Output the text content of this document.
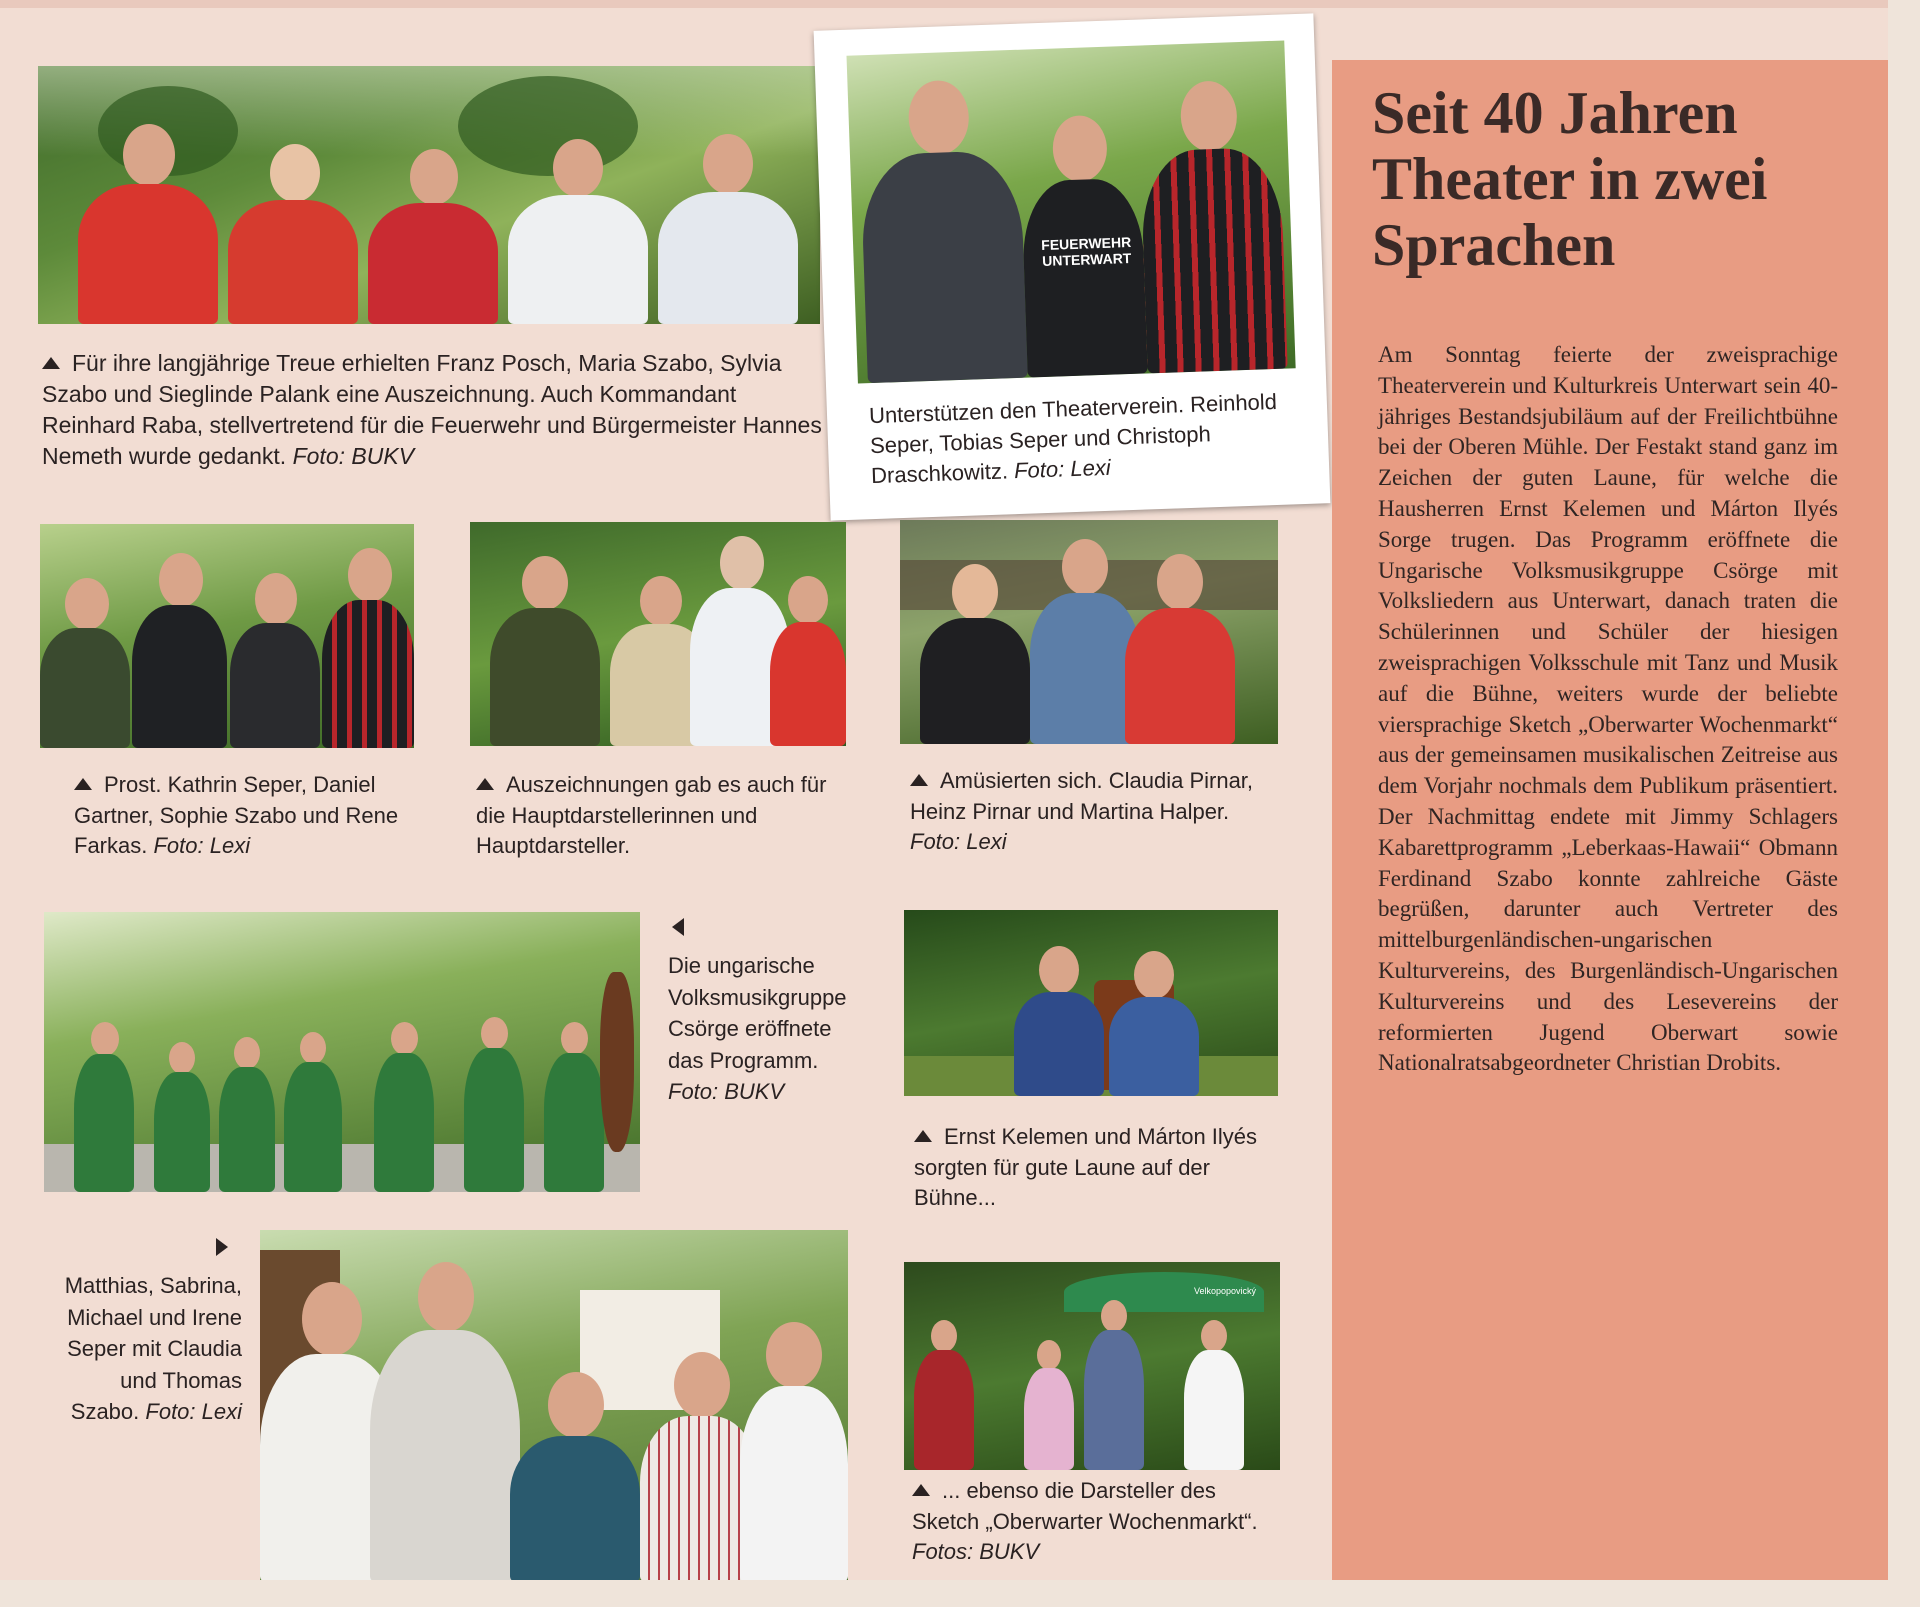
Für ihre langjährige Treue erhielten Franz Posch, Maria Szabo, Sylvia Szabo und Sieglinde Palank eine Auszeichnung. Auch Kommandant Reinhard Raba, stellvertretend für die Feuerwehr und Bürgermeister Hannes Nemeth wurde gedankt. Foto: BUKV
FEUERWEHR
UNTERWART
Unterstützen den Theaterverein. Reinhold Seper, Tobias Seper und Christoph Draschkowitz. Foto: Lexi
Seit 40 Jahren Theater in zwei Sprachen
Am Sonntag feierte der zweisprachige Theaterverein und Kulturkreis Unterwart sein 40-jähriges Bestandsjubiläum auf der Freilichtbühne bei der Oberen Mühle. Der Festakt stand ganz im Zeichen der guten Laune, für welche die Hausherren Ernst Kelemen und Márton Ilyés Sorge trugen. Das Programm eröffnete die Ungarische Volksmusikgruppe Csörge mit Volksliedern aus Unterwart, danach traten die Schülerinnen und Schüler der hiesigen zweisprachigen Volksschule mit Tanz und Musik auf die Bühne, weiters wurde der beliebte viersprachige Sketch „Oberwarter Wochenmarkt“ aus der gemeinsamen musikalischen Zeitreise aus dem Vorjahr nochmals dem Publikum präsentiert. Der Nachmittag endete mit Jimmy Schlagers Kabarettprogramm „Leberkaas-Hawaii“ Obmann Ferdinand Szabo konnte zahlreiche Gäste begrüßen, darunter auch Vertreter des mittelburgenländischen-ungarischen Kulturvereins, des Burgenländisch-Ungarischen Kulturvereins und des Lesevereins der reformierten Jugend Oberwart sowie Nationalratsabgeordneter Christian Drobits.
Prost. Kathrin Seper, Daniel Gartner, Sophie Szabo und Rene Farkas. Foto: Lexi
Auszeichnungen gab es auch für die Hauptdarstellerinnen und Hauptdarsteller.
Amüsierten sich. Claudia Pirnar, Heinz Pirnar und Martina Halper. Foto: Lexi
Die ungarische Volksmusikgruppe Csörge eröffnete das Programm. Foto: BUKV
Ernst Kelemen und Márton Ilyés sorgten für gute Laune auf der Bühne...
Matthias, Sabrina, Michael und Irene Seper mit Claudia und Thomas Szabo. Foto: Lexi
Velkopopovický
... ebenso die Darsteller des Sketch „Oberwarter Wochenmarkt“. Fotos: BUKV
